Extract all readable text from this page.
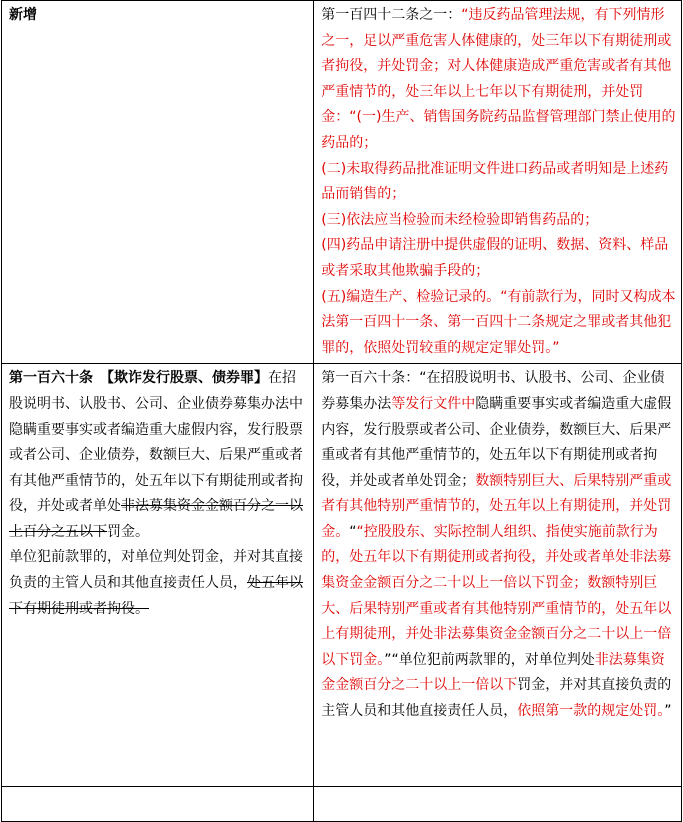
新增	第一百四十二条之一：“违反药品管理法规，有下列情形之一，足以严重危害人体健康的，处三年以下有期徒刑或者拘役，并处罚金；对人体健康造成严重危害或者有其他严重情节的，处三年以上七年以下有期徒刑，并处罚金：“(一)生产、销售国务院药品监督管理部门禁止使用的药品的；

(二)未取得药品批准证明文件进口药品或者明知是上述药品而销售的；

(三)依法应当检验而未经检验即销售药品的；

(四)药品申请注册中提供虚假的证明、数据、资料、样品或者采取其他欺骗手段的；

(五)编造生产、检验记录的。“有前款行为，同时又构成本法第一百四十一条、第一百四十二条规定之罪或者其他犯罪的，依照处罚较重的规定定罪处罚。”

第一百六十条　【欺诈发行股票、债券罪】在招股说明书、认股书、公司、企业债券募集办法中隐瞒重要事实或者编造重大虚假内容，发行股票或者公司、企业债券，数额巨大、后果严重或者有其他严重情节的，处五年以下有期徒刑或者拘役，并处或者单处非法募集资金金额百分之一以上百分之五以下罚金。

单位犯前款罪的，对单位判处罚金，并对其直接负责的主管人员和其他直接责任人员，处五年以下有期徒刑或者拘役。	第一百六十条：“在招股说明书、认股书、公司、企业债券募集办法等发行文件中隐瞒重要事实或者编造重大虚假内容，发行股票或者公司、企业债券，数额巨大、后果严重或者有其他严重情节的，处五年以下有期徒刑或者拘役，并处或者单处罚金；数额特别巨大、后果特别严重或者有其他特别严重情节的，处五年以上有期徒刑，并处罚金。““控股股东、实际控制人组织、指使实施前款行为的，处五年以下有期徒刑或者拘役，并处或者单处非法募集资金金额百分之二十以上一倍以下罚金；数额特别巨大、后果特别严重或者有其他特别严重情节的，处五年以上有期徒刑，并处非法募集资金金额百分之二十以上一倍以下罚金。”“单位犯前两款罪的，对单位判处非法募集资金金额百分之二十以上一倍以下罚金，并对其直接负责的主管人员和其他直接责任人员，依照第一款的规定处罚。”
